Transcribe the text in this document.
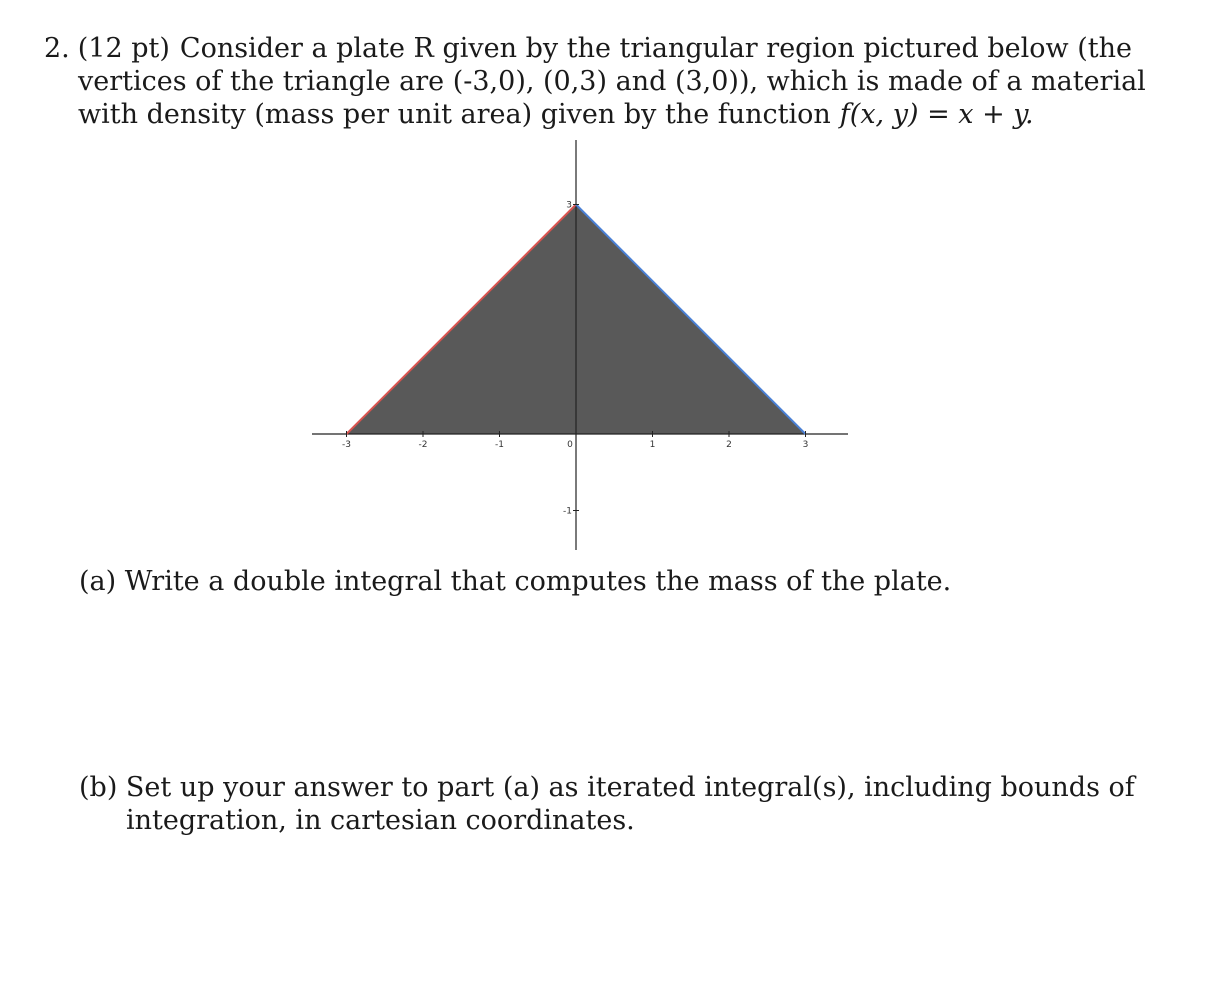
2. (12 pt) Consider a plate R given by the triangular region pictured below (the
vertices of the triangle are (-3,0), (0,3) and (3,0)), which is made of a material
with density (mass per unit area) given by the function f(x, y) = x + y.
-3	-2	-1	0	1	2	3
-1
3
(a) Write a double integral that computes the mass of the plate.
(b) Set up your answer to part (a) as iterated integral(s), including bounds of
integration, in cartesian coordinates.
